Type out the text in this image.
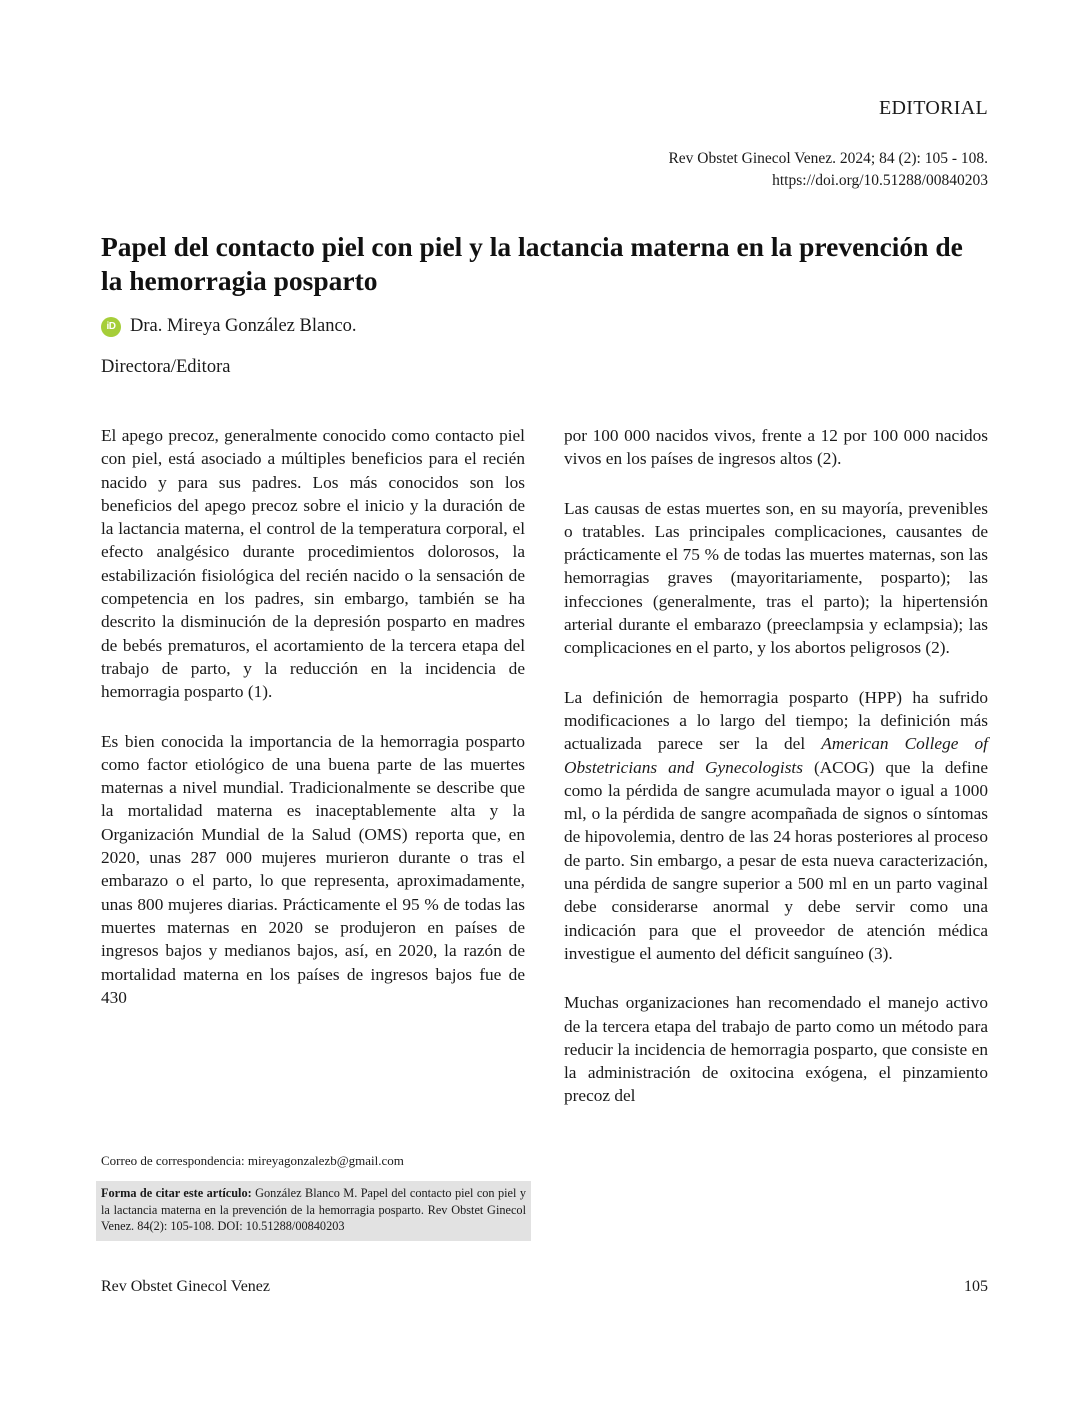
EDITORIAL
Rev Obstet Ginecol Venez. 2024; 84 (2): 105 - 108.
https://doi.org/10.51288/00840203
Papel del contacto piel con piel y la lactancia materna en la prevención de la hemorragia posparto
iD Dra. Mireya González Blanco.
Directora/Editora

El apego precoz, generalmente conocido como contacto piel con piel, está asociado a múltiples beneficios para el recién nacido y para sus padres. Los más conocidos son los beneficios del apego precoz sobre el inicio y la duración de la lactancia materna, el control de la temperatura corporal, el efecto analgésico durante procedimientos dolorosos, la estabilización fisiológica del recién nacido o la sensación de competencia en los padres, sin embargo, también se ha descrito la disminución de la depresión posparto en madres de bebés prematuros, el acortamiento de la tercera etapa del trabajo de parto, y la reducción en la incidencia de hemorragia posparto (1).

Es bien conocida la importancia de la hemorragia posparto como factor etiológico de una buena parte de las muertes maternas a nivel mundial. Tradicionalmente se describe que la mortalidad materna es inaceptablemente alta y la Organización Mundial de la Salud (OMS) reporta que, en 2020, unas 287 000 mujeres murieron durante o tras el embarazo o el parto, lo que representa, aproximadamente, unas 800 mujeres diarias. Prácticamente el 95 % de todas las muertes maternas en 2020 se produjeron en países de ingresos bajos y medianos bajos, así, en 2020, la razón de mortalidad materna en los países de ingresos bajos fue de 430

por 100 000 nacidos vivos, frente a 12 por 100 000 nacidos vivos en los países de ingresos altos (2).

Las causas de estas muertes son, en su mayoría, prevenibles o tratables. Las principales complicaciones, causantes de prácticamente el 75 % de todas las muertes maternas, son las hemorragias graves (mayoritariamente, posparto); las infecciones (generalmente, tras el parto); la hipertensión arterial durante el embarazo (preeclampsia y eclampsia); las complicaciones en el parto, y los abortos peligrosos (2).

La definición de hemorragia posparto (HPP) ha sufrido modificaciones a lo largo del tiempo; la definición más actualizada parece ser la del American College of Obstetricians and Gynecologists (ACOG) que la define como la pérdida de sangre acumulada mayor o igual a 1000 ml, o la pérdida de sangre acompañada de signos o síntomas de hipovolemia, dentro de las 24 horas posteriores al proceso de parto. Sin embargo, a pesar de esta nueva caracterización, una pérdida de sangre superior a 500 ml en un parto vaginal debe considerarse anormal y debe servir como una indicación para que el proveedor de atención médica investigue el aumento del déficit sanguíneo (3).

Muchas organizaciones han recomendado el manejo activo de la tercera etapa del trabajo de parto como un método para reducir la incidencia de hemorragia posparto, que consiste en la administración de oxitocina exógena, el pinzamiento precoz del

Correo de correspondencia: mireyagonzalezb@gmail.com
Forma de citar este artículo: González Blanco M. Papel del contacto piel con piel y la lactancia materna en la prevención de la hemorragia posparto. Rev Obstet Ginecol Venez. 84(2): 105-108. DOI: 10.51288/00840203
Rev Obstet Ginecol Venez	105
